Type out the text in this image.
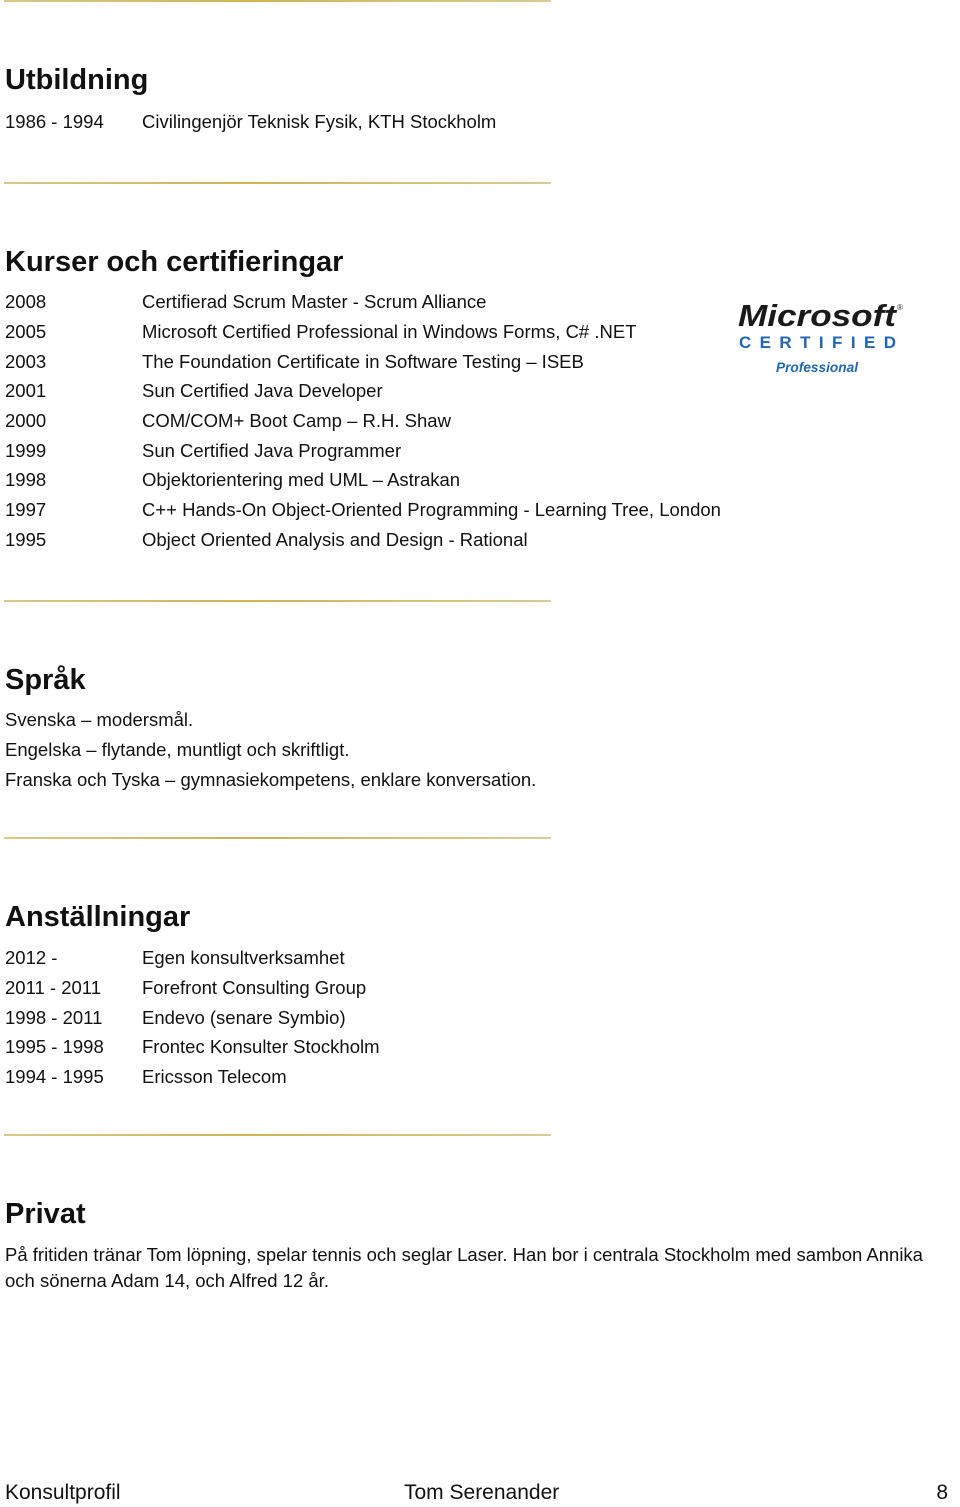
Utbildning
1986 - 1994 Civilingenjör Teknisk Fysik, KTH Stockholm
Kurser och certifieringar
2008	Certifierad Scrum Master - Scrum Alliance
2005	Microsoft Certified Professional in Windows Forms, C# .NET
2003	The Foundation Certificate in Software Testing – ISEB
2001	Sun Certified Java Developer
2000	COM/COM+ Boot Camp – R.H. Shaw
1999	Sun Certified Java Programmer
1998	Objektorientering med UML – Astrakan
1997	C++ Hands-On Object-Oriented Programming - Learning Tree, London
1995	Object Oriented Analysis and Design - Rational
Microsoft ®
CERTIFIED
Professional
Språk
Svenska – modersmål.
Engelska – flytande, muntligt och skriftligt.
Franska och Tyska – gymnasiekompetens, enklare konversation.
Anställningar
2012 -	Egen konsultverksamhet
2011 - 2011 Forefront Consulting Group
1998 - 2011 Endevo (senare Symbio)
1995 - 1998 Frontec Konsulter Stockholm
1994 - 1995 Ericsson Telecom
Privat
På fritiden tränar Tom löpning, spelar tennis och seglar Laser. Han bor i centrala Stockholm med sambon Annika och sönerna Adam 14, och Alfred 12 år.
Konsultprofil	Tom Serenander	8
